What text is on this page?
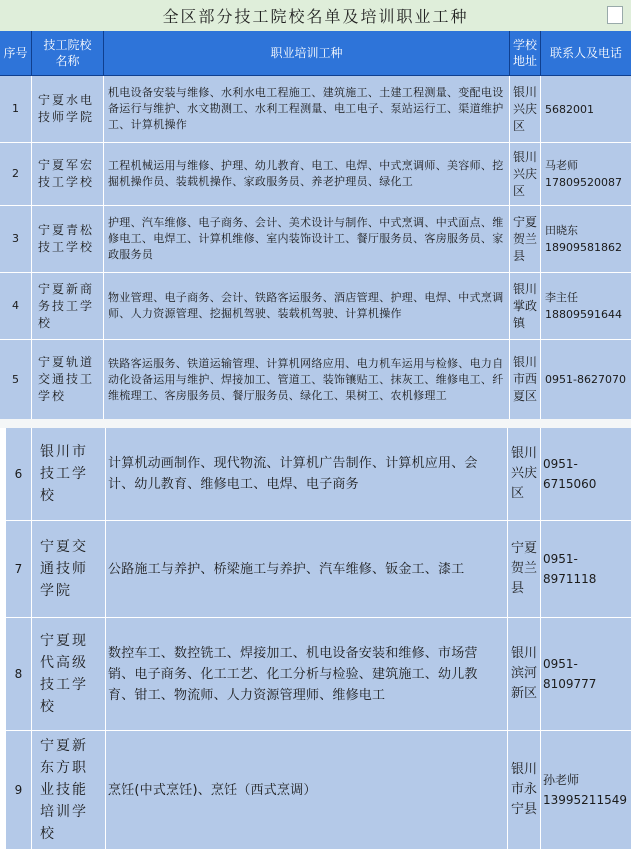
全区部分技工院校名单及培训职业工种
序号
技工院校名称
职业培训工种
学校地址
联系人及电话
1
宁夏水电技师学院
机电设备安装与维修、水利水电工程施工、建筑施工、土建工程测量、变配电设备运行与维护、水文勘测工、水利工程测量、电工电子、泵站运行工、渠道维护工、计算机操作
银川兴庆区
5682001
2
宁夏军宏技工学校
工程机械运用与维修、护理、幼儿教育、电工、电焊、中式烹调师、美容师、挖掘机操作员、装载机操作、家政服务员、养老护理员、绿化工
银川兴庆区
马老师 17809520087
3
宁夏青松技工学校
护理、汽车维修、电子商务、会计、美术设计与制作、中式烹调、中式面点、维修电工、电焊工、计算机维修、室内装饰设计工、餐厅服务员、客房服务员、家政服务员
宁夏贺兰县
田晓东 18909581862
4
宁夏新商务技工学校
物业管理、电子商务、会计、铁路客运服务、酒店管理、护理、电焊、中式烹调师、人力资源管理、挖掘机驾驶、装载机驾驶、计算机操作
银川掌政镇
李主任 18809591644
5
宁夏轨道交通技工学校
铁路客运服务、铁道运输管理、计算机网络应用、电力机车运用与检修、电力自动化设备运用与维护、焊接加工、管道工、装饰镶贴工、抹灰工、维修电工、纤维梳理工、客房服务员、餐厅服务员、绿化工、果树工、农机修理工
银川市西夏区
0951-8627070
6
银川市技工学校
计算机动画制作、现代物流、计算机广告制作、计算机应用、会计、幼儿教育、维修电工、电焊、电子商务
银川兴庆区
0951-6715060
7
宁夏交通技师学院
公路施工与养护、桥梁施工与养护、汽车维修、钣金工、漆工
宁夏贺兰县
0951-8971118
8
宁夏现代高级技工学校
数控车工、数控铣工、焊接加工、机电设备安装和维修、市场营销、电子商务、化工工艺、化工分析与检验、建筑施工、幼儿教育、钳工、物流师、人力资源管理师、维修电工
银川滨河新区
0951-8109777
9
宁夏新东方职业技能培训学校
烹饪(中式烹饪)、烹饪（西式烹调）
银川市永宁县
孙老师 13995211549
